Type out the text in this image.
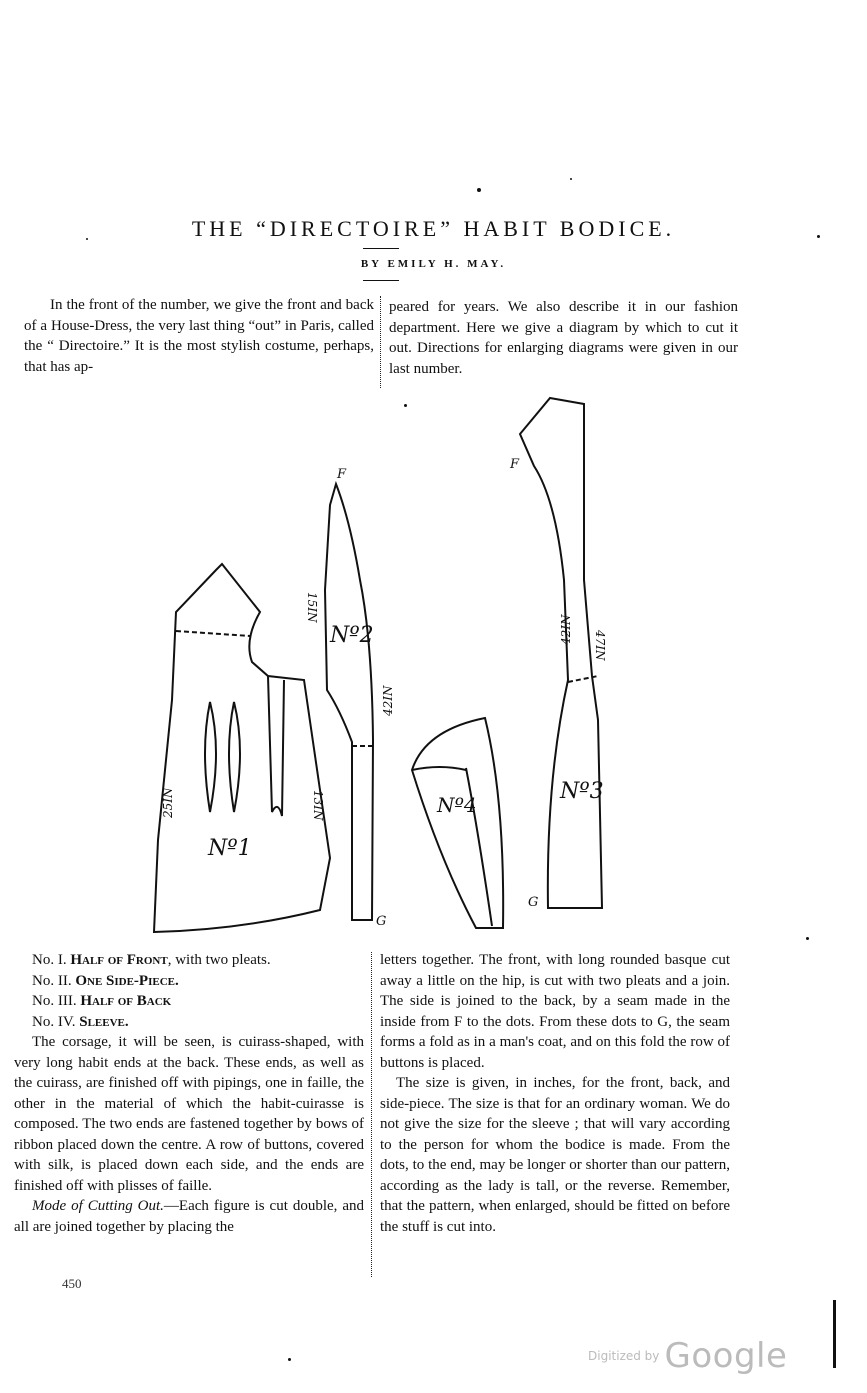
THE “DIRECTOIRE” HABIT BODICE.
BY EMILY H. MAY.

In the front of the number, we give the front and back of a House-Dress, the very last thing “out” in Paris, called the “ Directoire.” It is the most stylish costume, perhaps, that has ap-

peared for years. We also describe it in our fashion department. Here we give a diagram by which to cut it out. Directions for enlarging diagrams were given in our last number.

Nº1
25IN	13IN
F
G
Nº2
15IN
42IN
Nº4
F
G
Nº3
42IN
47IN

No. I. Half of Front, with two pleats.

No. II. One Side-Piece.

No. III. Half of Back

No. IV. Sleeve.

The corsage, it will be seen, is cuirass-shaped, with very long habit ends at the back. These ends, as well as the cuirass, are finished off with pipings, one in faille, the other in the material of which the habit-cuirasse is composed. The two ends are fastened together by bows of ribbon placed down the centre. A row of buttons, covered with silk, is placed down each side, and the ends are finished off with plisses of faille.

Mode of Cutting Out.—Each figure is cut double, and all are joined together by placing the

letters together. The front, with long rounded basque cut away a little on the hip, is cut with two pleats and a join. The side is joined to the back, by a seam made in the inside from F to the dots. From these dots to G, the seam forms a fold as in a man's coat, and on this fold the row of buttons is placed.

The size is given, in inches, for the front, back, and side-piece. The size is that for an ordinary woman. We do not give the size for the sleeve ; that will vary according to the person for whom the bodice is made. From the dots, to the end, may be longer or shorter than our pattern, according as the lady is tall, or the reverse. Remember, that the pattern, when enlarged, should be fitted on before the stuff is cut into.

450
Digitized by Google
